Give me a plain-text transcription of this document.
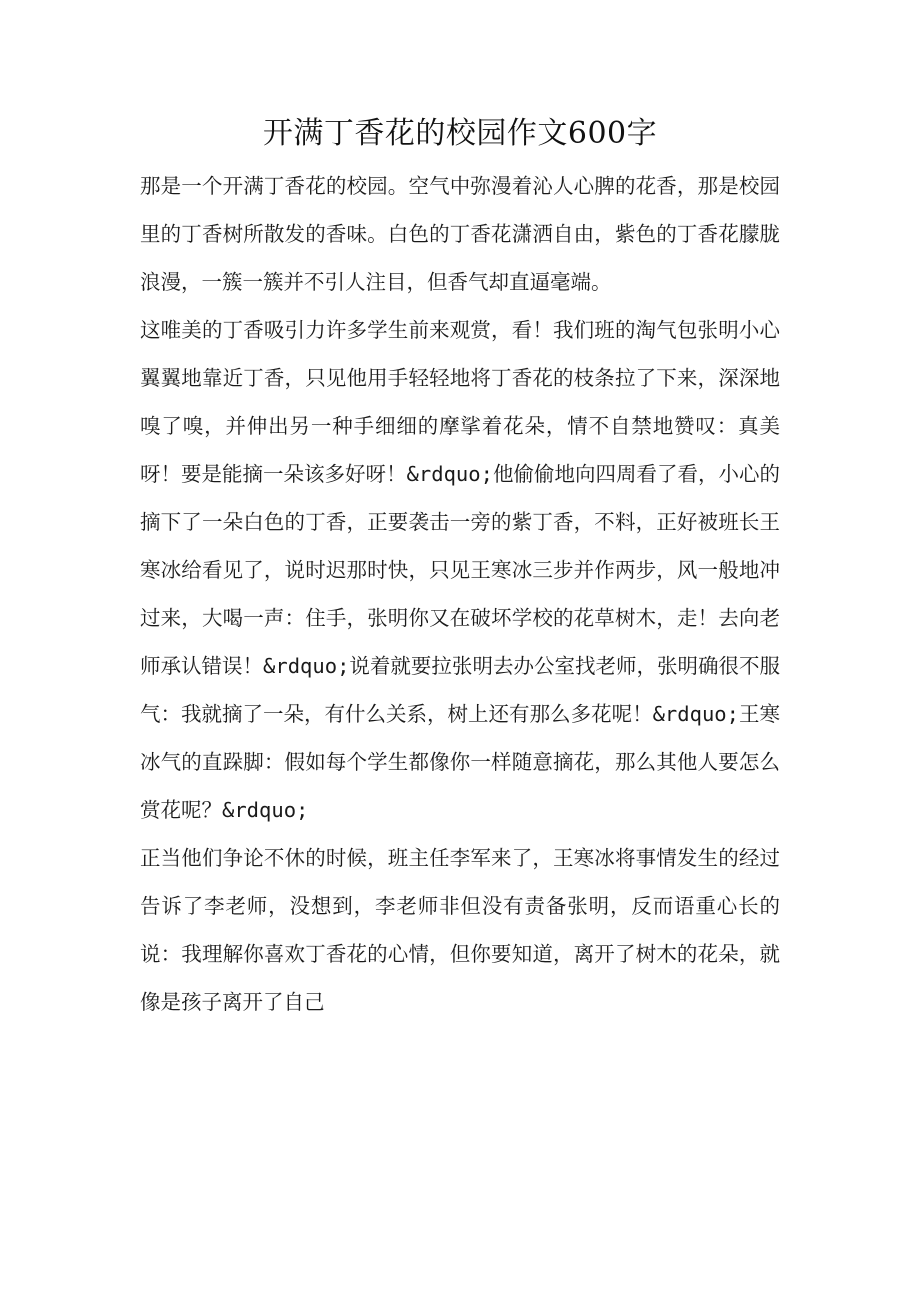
开满丁香花的校园作文600字

那是一个开满丁香花的校园。空气中弥漫着沁人心脾的花香，那是校园里的丁香树所散发的香味。白色的丁香花潇洒自由，紫色的丁香花朦胧浪漫，一簇一簇并不引人注目，但香气却直逼毫端。

这唯美的丁香吸引力许多学生前来观赏，看！我们班的淘气包张明小心翼翼地靠近丁香，只见他用手轻轻地将丁香花的枝条拉了下来，深深地嗅了嗅，并伸出另一种手细细的摩挲着花朵，情不自禁地赞叹：真美呀！要是能摘一朵该多好呀！&rdquo;他偷偷地向四周看了看，小心的摘下了一朵白色的丁香，正要袭击一旁的紫丁香，不料，正好被班长王寒冰给看见了，说时迟那时快，只见王寒冰三步并作两步，风一般地冲过来，大喝一声：住手，张明你又在破坏学校的花草树木，走！去向老师承认错误！&rdquo;说着就要拉张明去办公室找老师，张明确很不服气：我就摘了一朵，有什么关系，树上还有那么多花呢！&rdquo;王寒冰气的直跺脚：假如每个学生都像你一样随意摘花，那么其他人要怎么赏花呢？&rdquo;

正当他们争论不休的时候，班主任李军来了，王寒冰将事情发生的经过告诉了李老师，没想到，李老师非但没有责备张明，反而语重心长的说：我理解你喜欢丁香花的心情，但你要知道，离开了树木的花朵，就像是孩子离开了自己
